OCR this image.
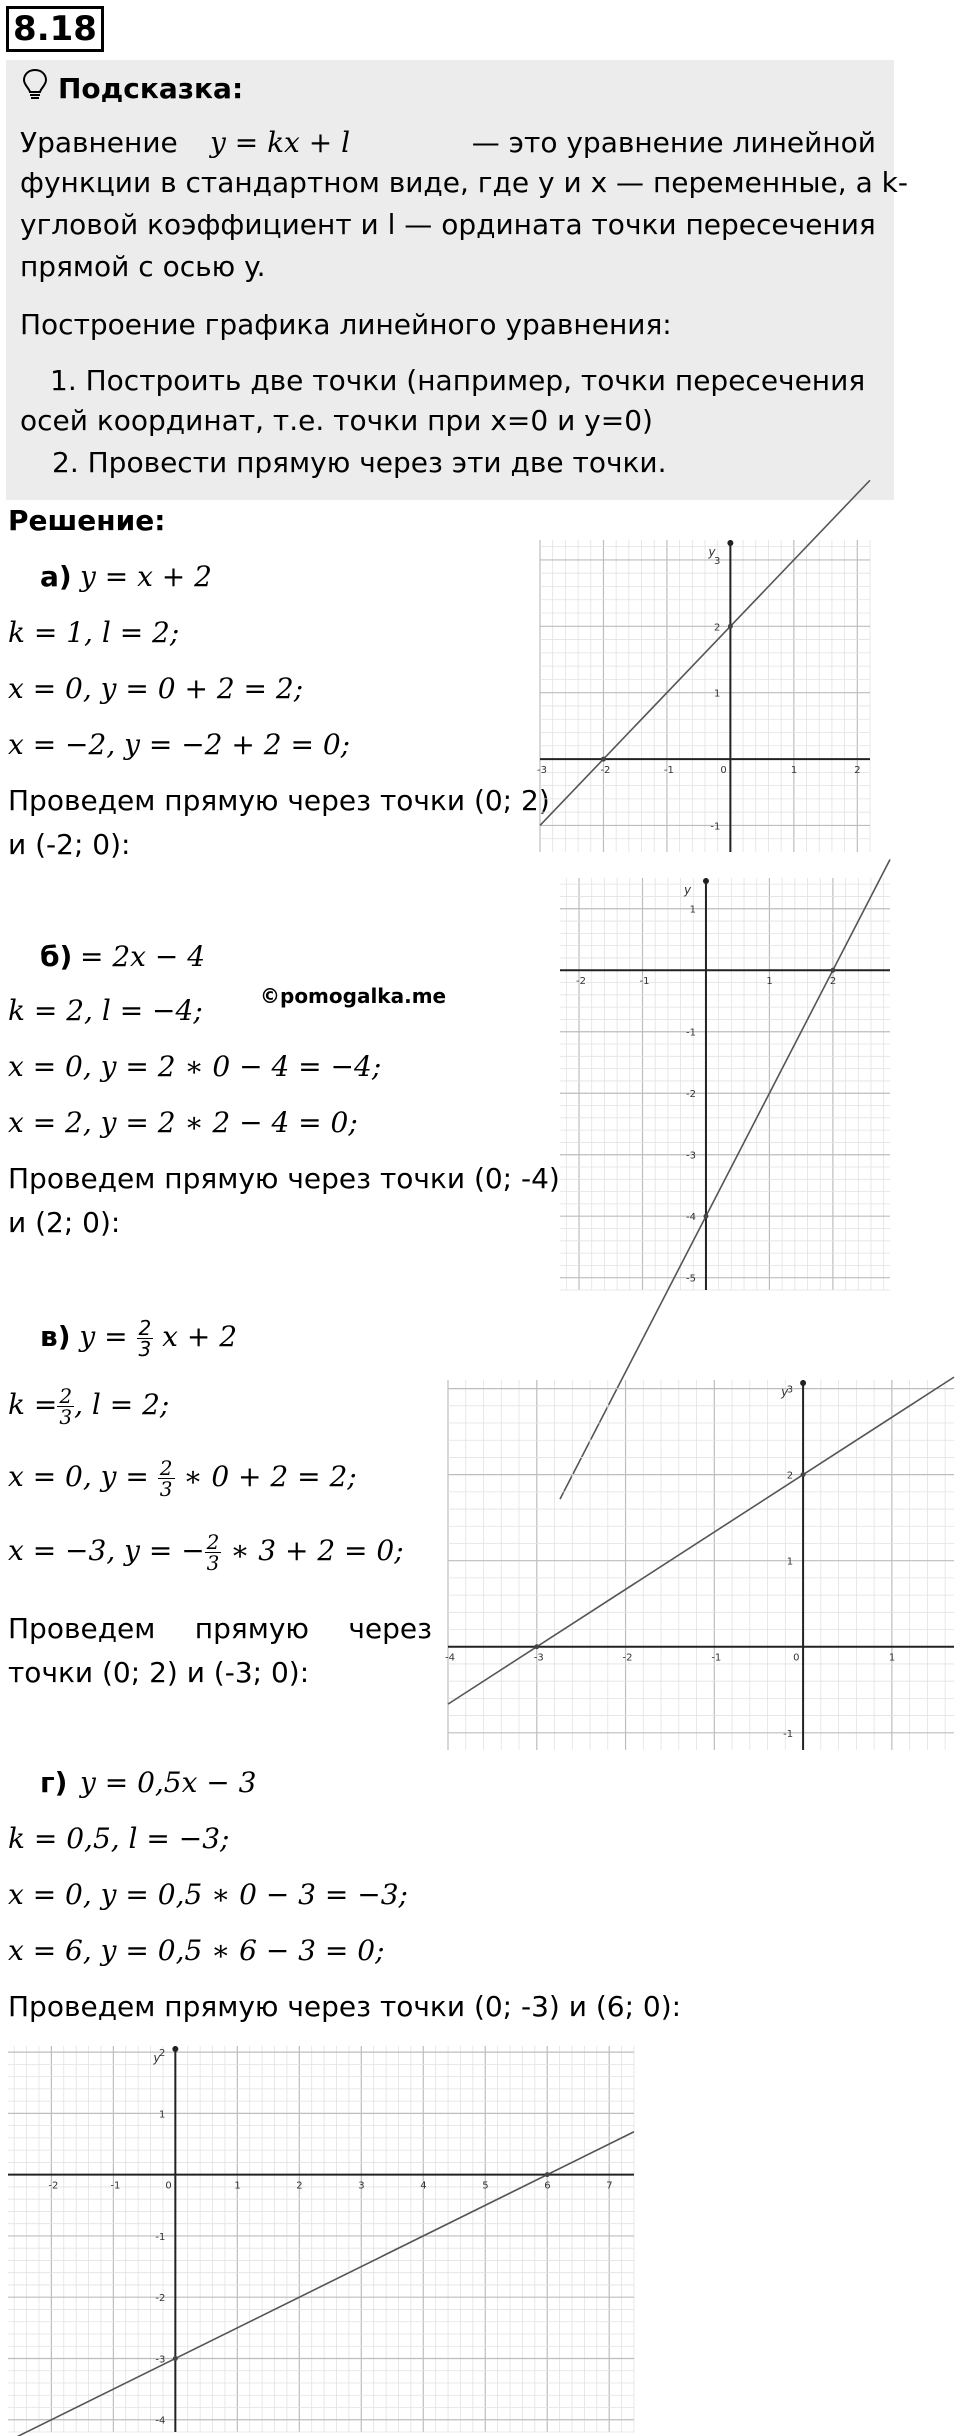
8.18
Подсказка:
Уравнение y = kx + l	— это уравнение линейной
функции в стандартном виде, где y и x — переменные, а k-
угловой коэффициент и l — ордината точки пересечения
прямой с осью y.
Построение графика линейного уравнения:
1. Построить две точки (например, точки пересечения
осей координат, т.е. точки при x=0 и y=0)
2. Провести прямую через эти две точки.
Решение:
а) y = x + 2
k = 1, l = 2;
x = 0, y = 0 + 2 = 2;
x = −2, y = −2 + 2 = 0;
Проведем прямую через точки (0; 2)
и (-2; 0):
б) = 2x − 4
©pomogalka.me
k = 2, l = −4;
x = 0, y = 2 ∗ 0 − 4 = −4;
x = 2, y = 2 ∗ 2 − 4 = 0;
Проведем прямую через точки (0; -4)
и (2; 0):
в) $y = \frac{2}{3}$ x + 2
$k = \frac{2}{3}$ , l = 2;
x = 0, $y = \frac{2}{3}$ ∗ 0 + 2 = 2;
x = −3, y = − $\frac{2}{3}$ ∗ 3 + 2 = 0;
Проведем прямую через
точки (0; 2) и (-3; 0):
г) y = 0,5x − 3
k = 0,5, l = −3;
x = 0, y = 0,5 ∗ 0 − 3 = −3;
x = 6, y = 0,5 ∗ 6 − 3 = 0;
Проведем прямую через точки (0; -3) и (6; 0):
-3	-2	-1	0	1	2
-1
1
2
3
y
-2	-1	1	2
-5
-4
-3
-2
-1
1
y
-4	-3	-2	-1	0	1
-1
1
2
3
y
-2	-1	0	1	2	3	4	5	6	7
-4
-3
-2
-1
1
2
y
